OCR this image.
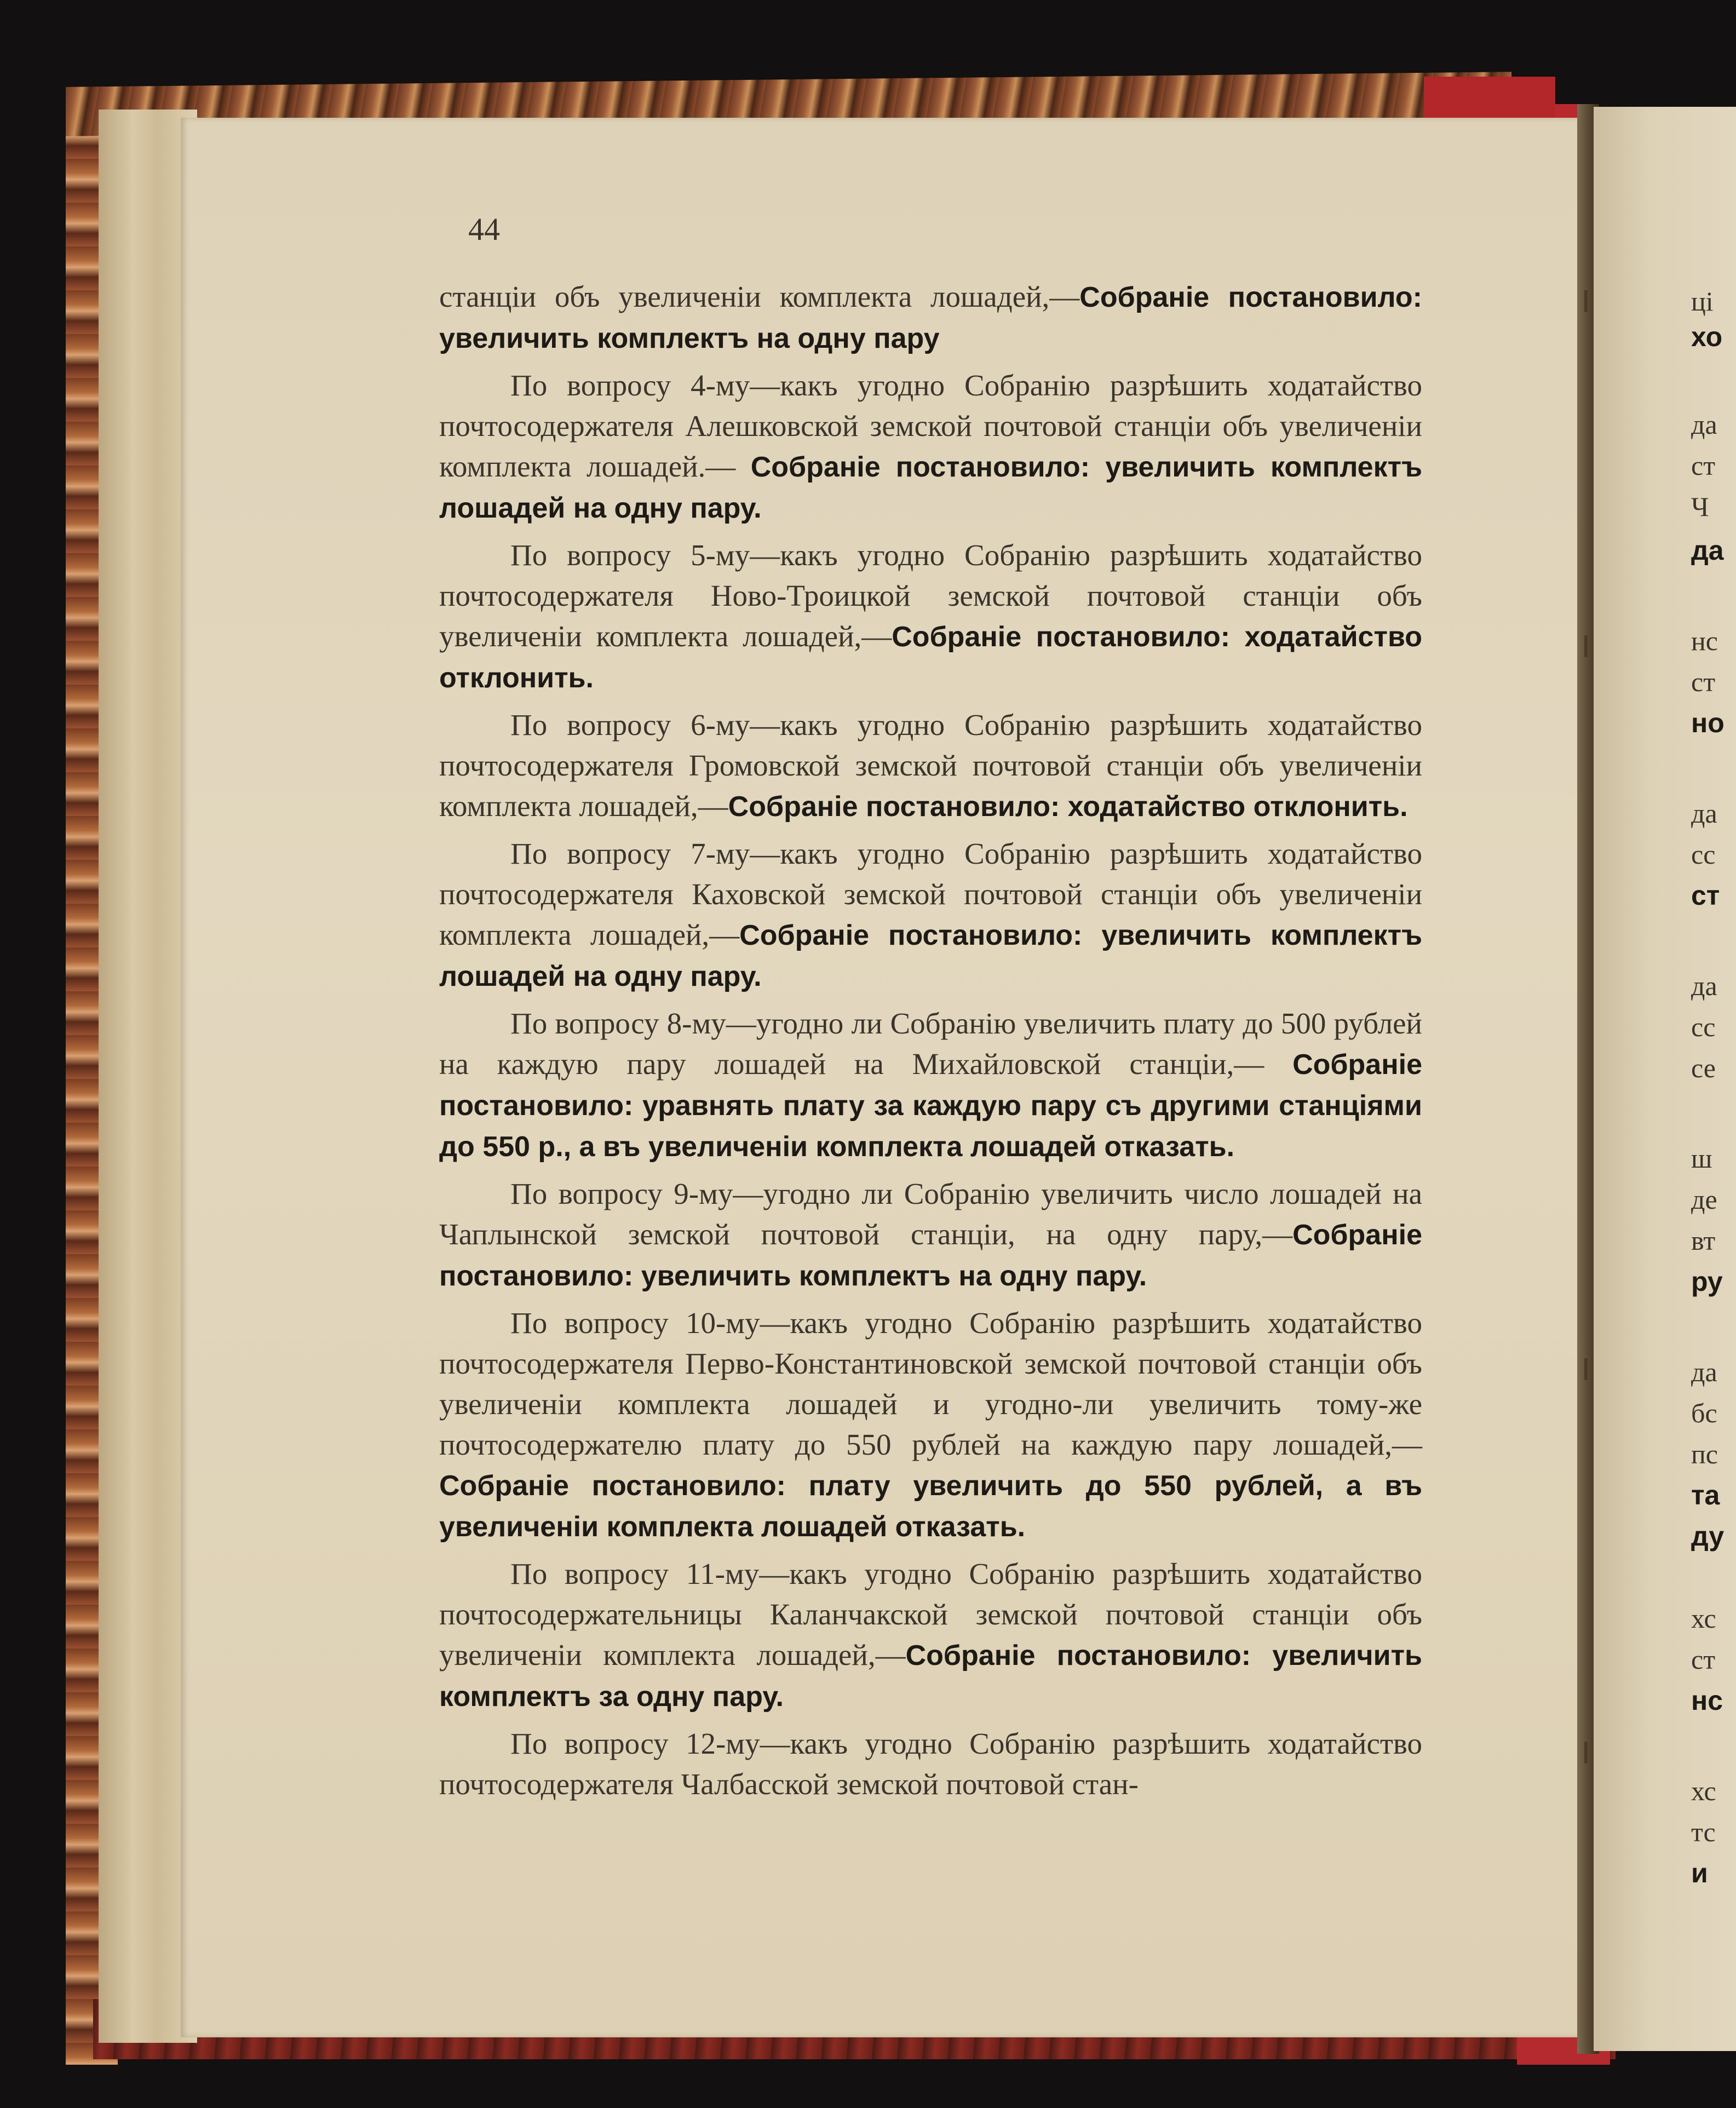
44

станціи объ увеличеніи комплекта лошадей,—Собраніе постановило: увеличить комплектъ на одну пару

По вопросу 4-му—какъ угодно Собранію разрѣшить ходатайство почтосодержателя Алешковской земской почтовой станціи объ увеличеніи комплекта лошадей.— Собраніе постановило: увеличить комплектъ лошадей на одну пару.

По вопросу 5-му—какъ угодно Собранію разрѣшить ходатайство почтосодержателя Ново-Троицкой земской почтовой станціи объ увеличеніи комплекта лошадей,—Собраніе постановило: ходатайство отклонить.

По вопросу 6-му—какъ угодно Собранію разрѣшить ходатайство почтосодержателя Громовской земской почтовой станціи объ увеличеніи комплекта лошадей,—Собраніе постановило: ходатайство отклонить.

По вопросу 7-му—какъ угодно Собранію разрѣшить ходатайство почтосодержателя Каховской земской почтовой станціи объ увеличеніи комплекта лошадей,—Собраніе постановило: увеличить комплектъ лошадей на одну пару.

По вопросу 8-му—угодно ли Собранію увеличить плату до 500 рублей на каждую пару лошадей на Михайловской станціи,— Собраніе постановило: уравнять плату за каждую пару съ другими станціями до 550 р., а въ увеличеніи комплекта лошадей отказать.

По вопросу 9-му—угодно ли Собранію увеличить число лошадей на Чаплынской земской почтовой станціи, на одну пару,—Собраніе постановило: увеличить комплектъ на одну пару.

По вопросу 10-му—какъ угодно Собранію разрѣшить ходатайство почтосодержателя Перво-Константиновской земской почтовой станціи объ увеличеніи комплекта лошадей и угодно-ли увеличить тому-же почтосодержателю плату до 550 рублей на каждую пару лошадей,—Собраніе постановило: плату увеличить до 550 рублей, а въ увеличеніи комплекта лошадей отказать.

По вопросу 11-му—какъ угодно Собранію разрѣшить ходатайство почтосодержательницы Каланчакской земской почтовой станціи объ увеличеніи комплекта лошадей,—Собраніе постановило: увеличить комплектъ за одну пару.

По вопросу 12-му—какъ угодно Собранію разрѣшить ходатайство почтосодержателя Чалбасской земской почтовой стан-

ці
хо
да
ст
Ч
да
нс
ст
но
да
сс
ст
да
сс
се
ш
де
вт
ру
да
бс
пс
та
ду
хс
ст
нс
хс
тс
и
